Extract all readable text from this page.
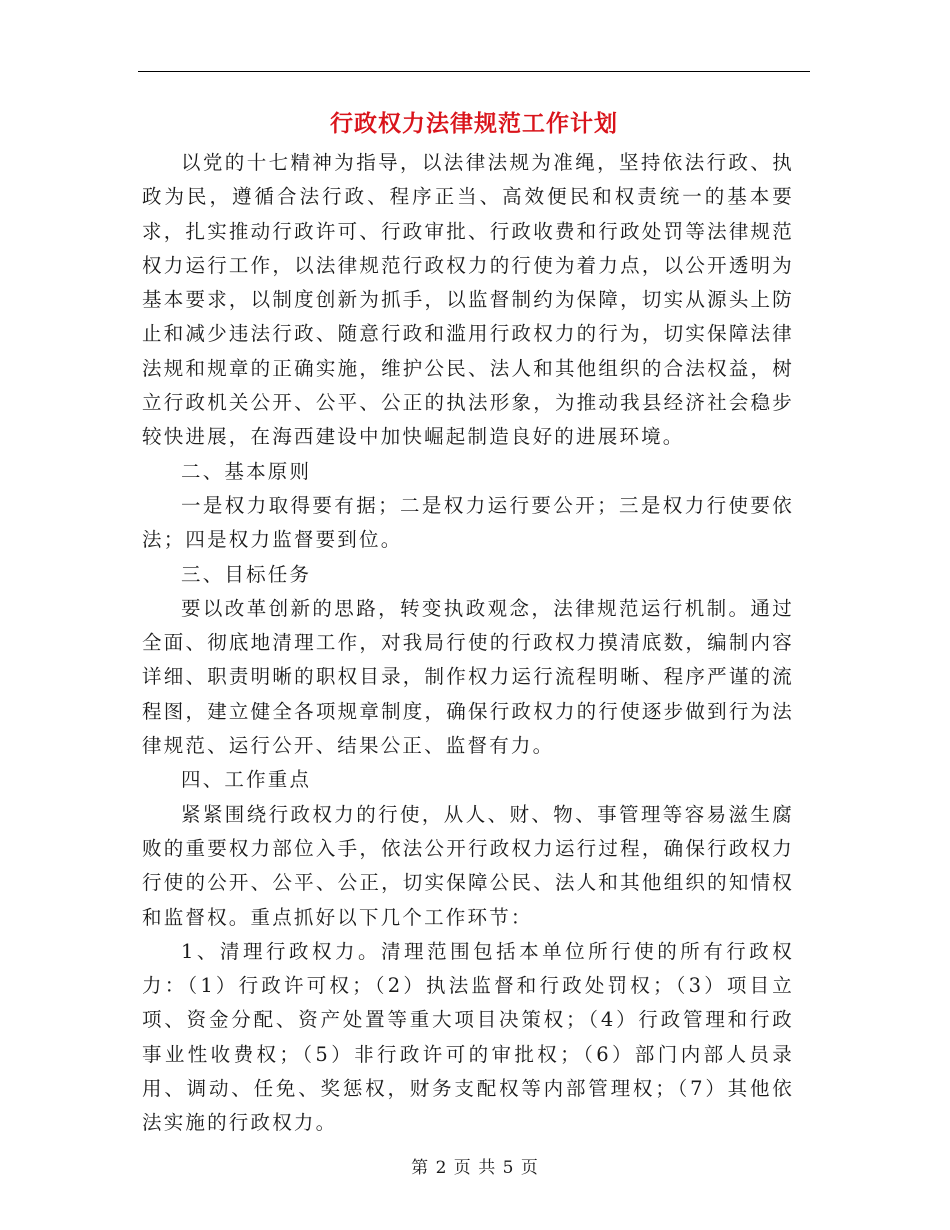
行政权力法律规范工作计划

以党的十七精神为指导，以法律法规为准绳，坚持依法行政、执政为民，遵循合法行政、程序正当、高效便民和权责统一的基本要求，扎实推动行政许可、行政审批、行政收费和行政处罚等法律规范权力运行工作，以法律规范行政权力的行使为着力点，以公开透明为基本要求，以制度创新为抓手，以监督制约为保障，切实从源头上防止和减少违法行政、随意行政和滥用行政权力的行为，切实保障法律法规和规章的正确实施，维护公民、法人和其他组织的合法权益，树立行政机关公开、公平、公正的执法形象，为推动我县经济社会稳步较快进展，在海西建设中加快崛起制造良好的进展环境。

二、基本原则

一是权力取得要有据；二是权力运行要公开；三是权力行使要依法；四是权力监督要到位。

三、目标任务

要以改革创新的思路，转变执政观念，法律规范运行机制。通过全面、彻底地清理工作，对我局行使的行政权力摸清底数，编制内容详细、职责明晰的职权目录，制作权力运行流程明晰、程序严谨的流程图，建立健全各项规章制度，确保行政权力的行使逐步做到行为法律规范、运行公开、结果公正、监督有力。

四、工作重点

紧紧围绕行政权力的行使，从人、财、物、事管理等容易滋生腐败的重要权力部位入手，依法公开行政权力运行过程，确保行政权力行使的公开、公平、公正，切实保障公民、法人和其他组织的知情权和监督权。重点抓好以下几个工作环节：

1、清理行政权力。清理范围包括本单位所行使的所有行政权力：（1）行政许可权；（2）执法监督和行政处罚权；（3）项目立项、资金分配、资产处置等重大项目决策权；（4）行政管理和行政事业性收费权；（5）非行政许可的审批权；（6）部门内部人员录用、调动、任免、奖惩权，财务支配权等内部管理权；（7）其他依法实施的行政权力。

第 2 页 共 5 页
